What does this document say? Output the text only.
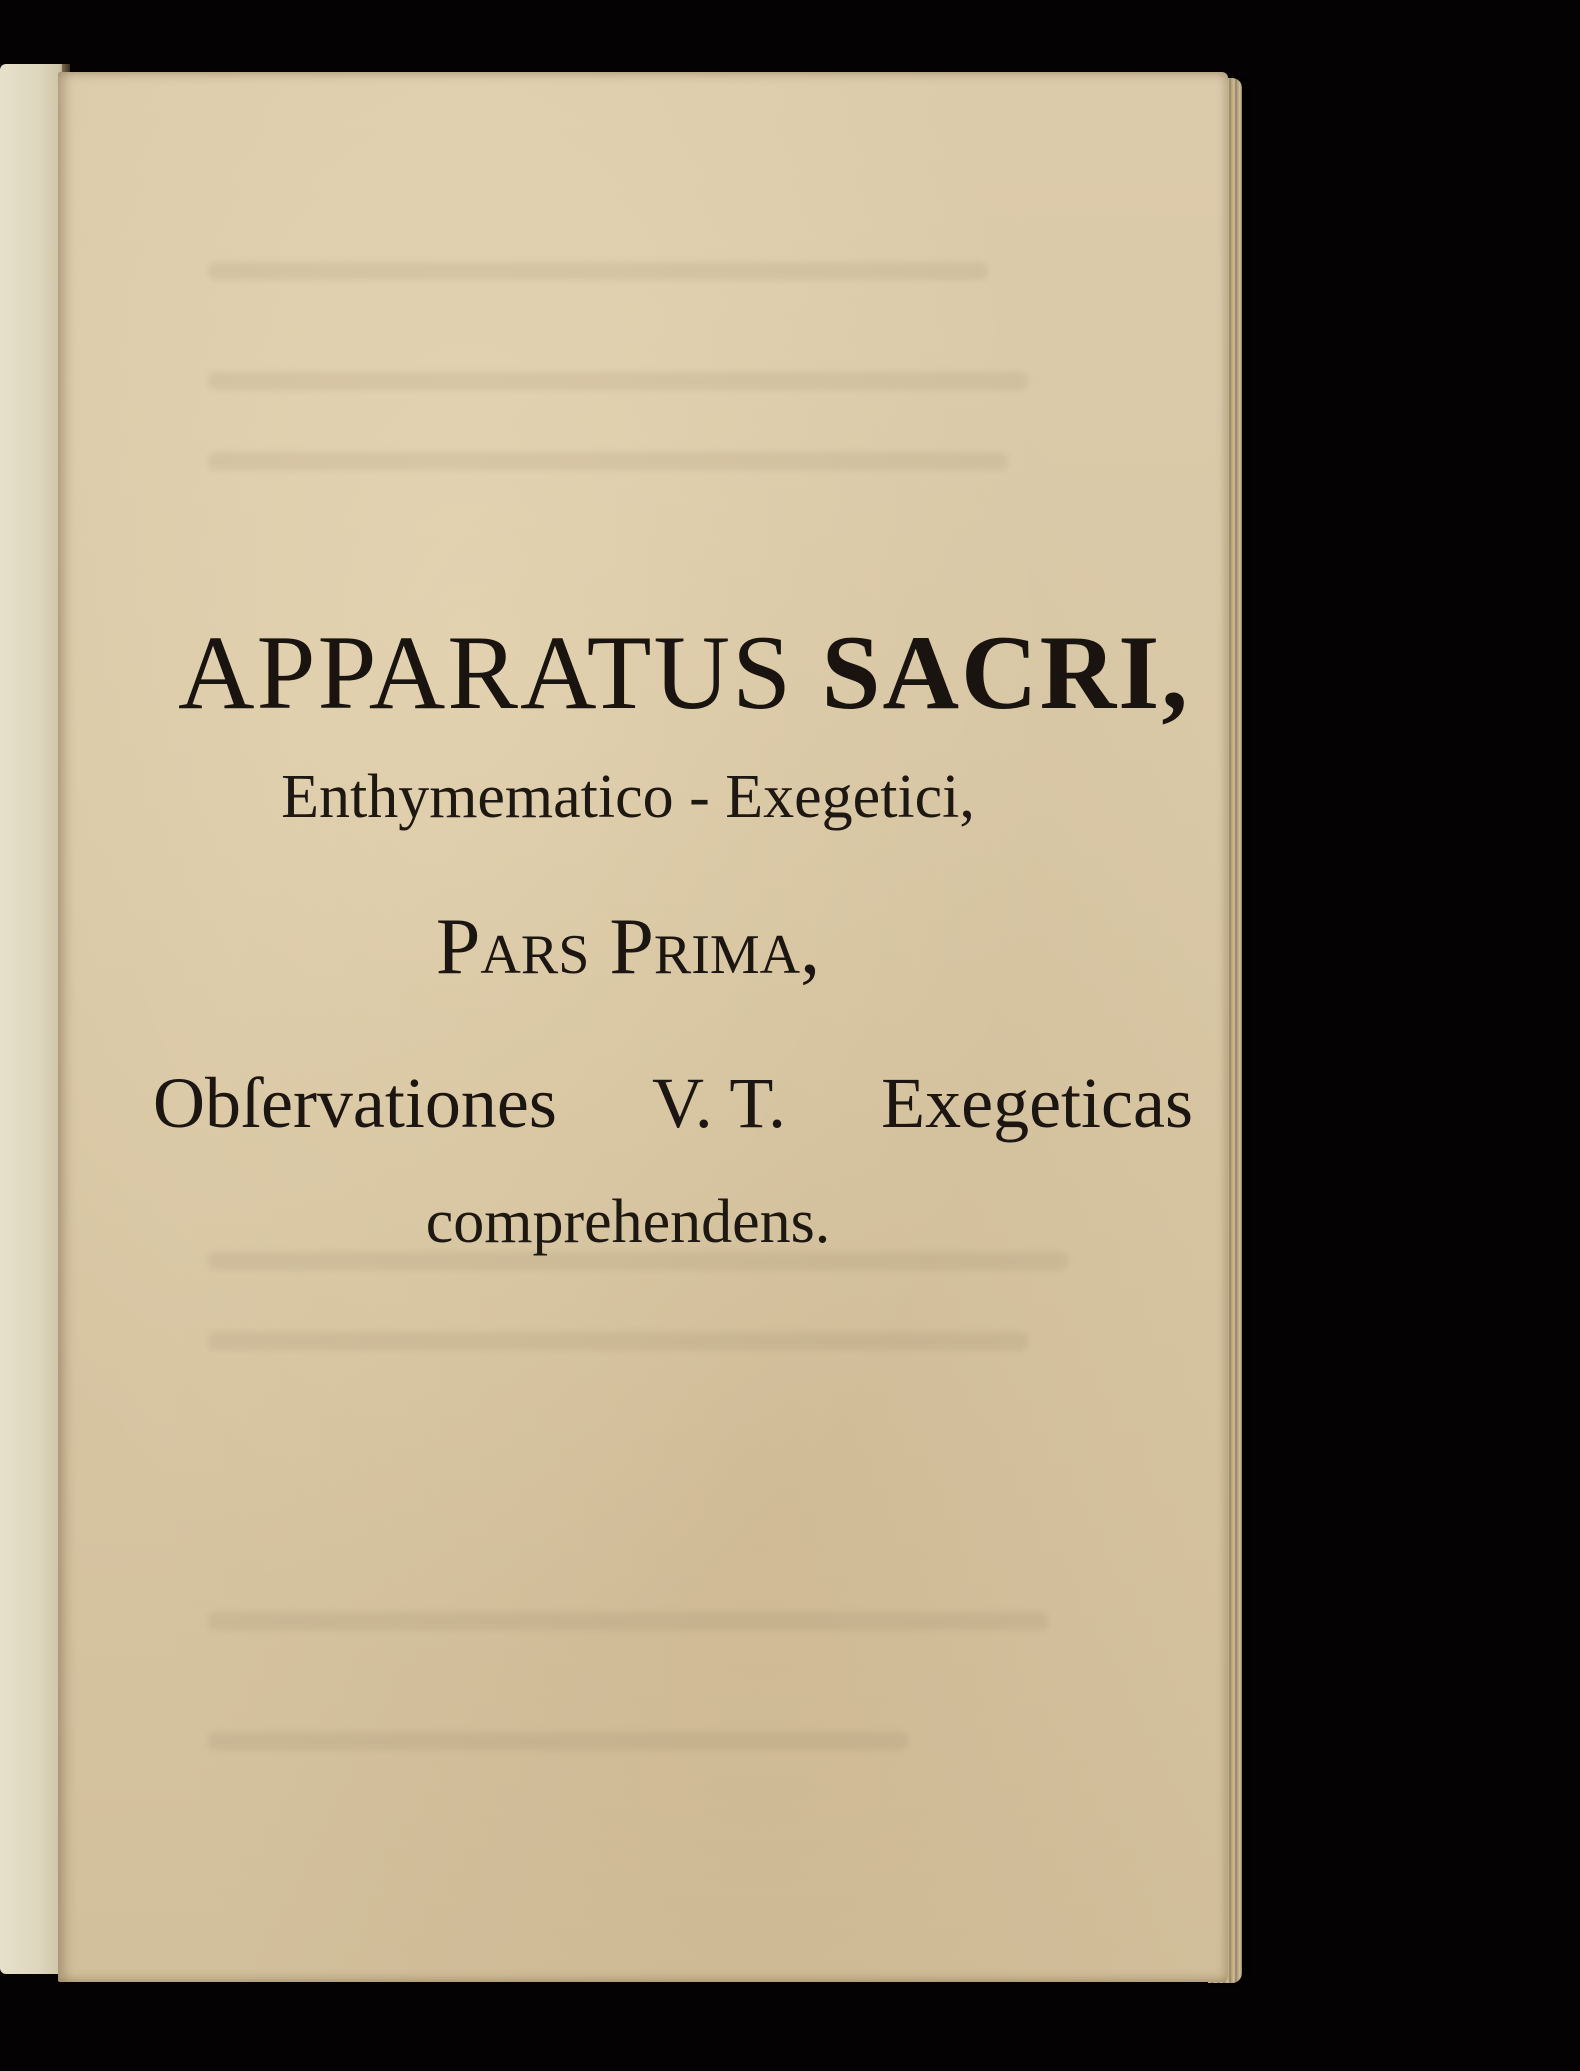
APPARATUS SACRI,
Enthymematico - Exegetici,
Pars Prima,
Obſervationes V. T. Exegeticas
comprehendens.
